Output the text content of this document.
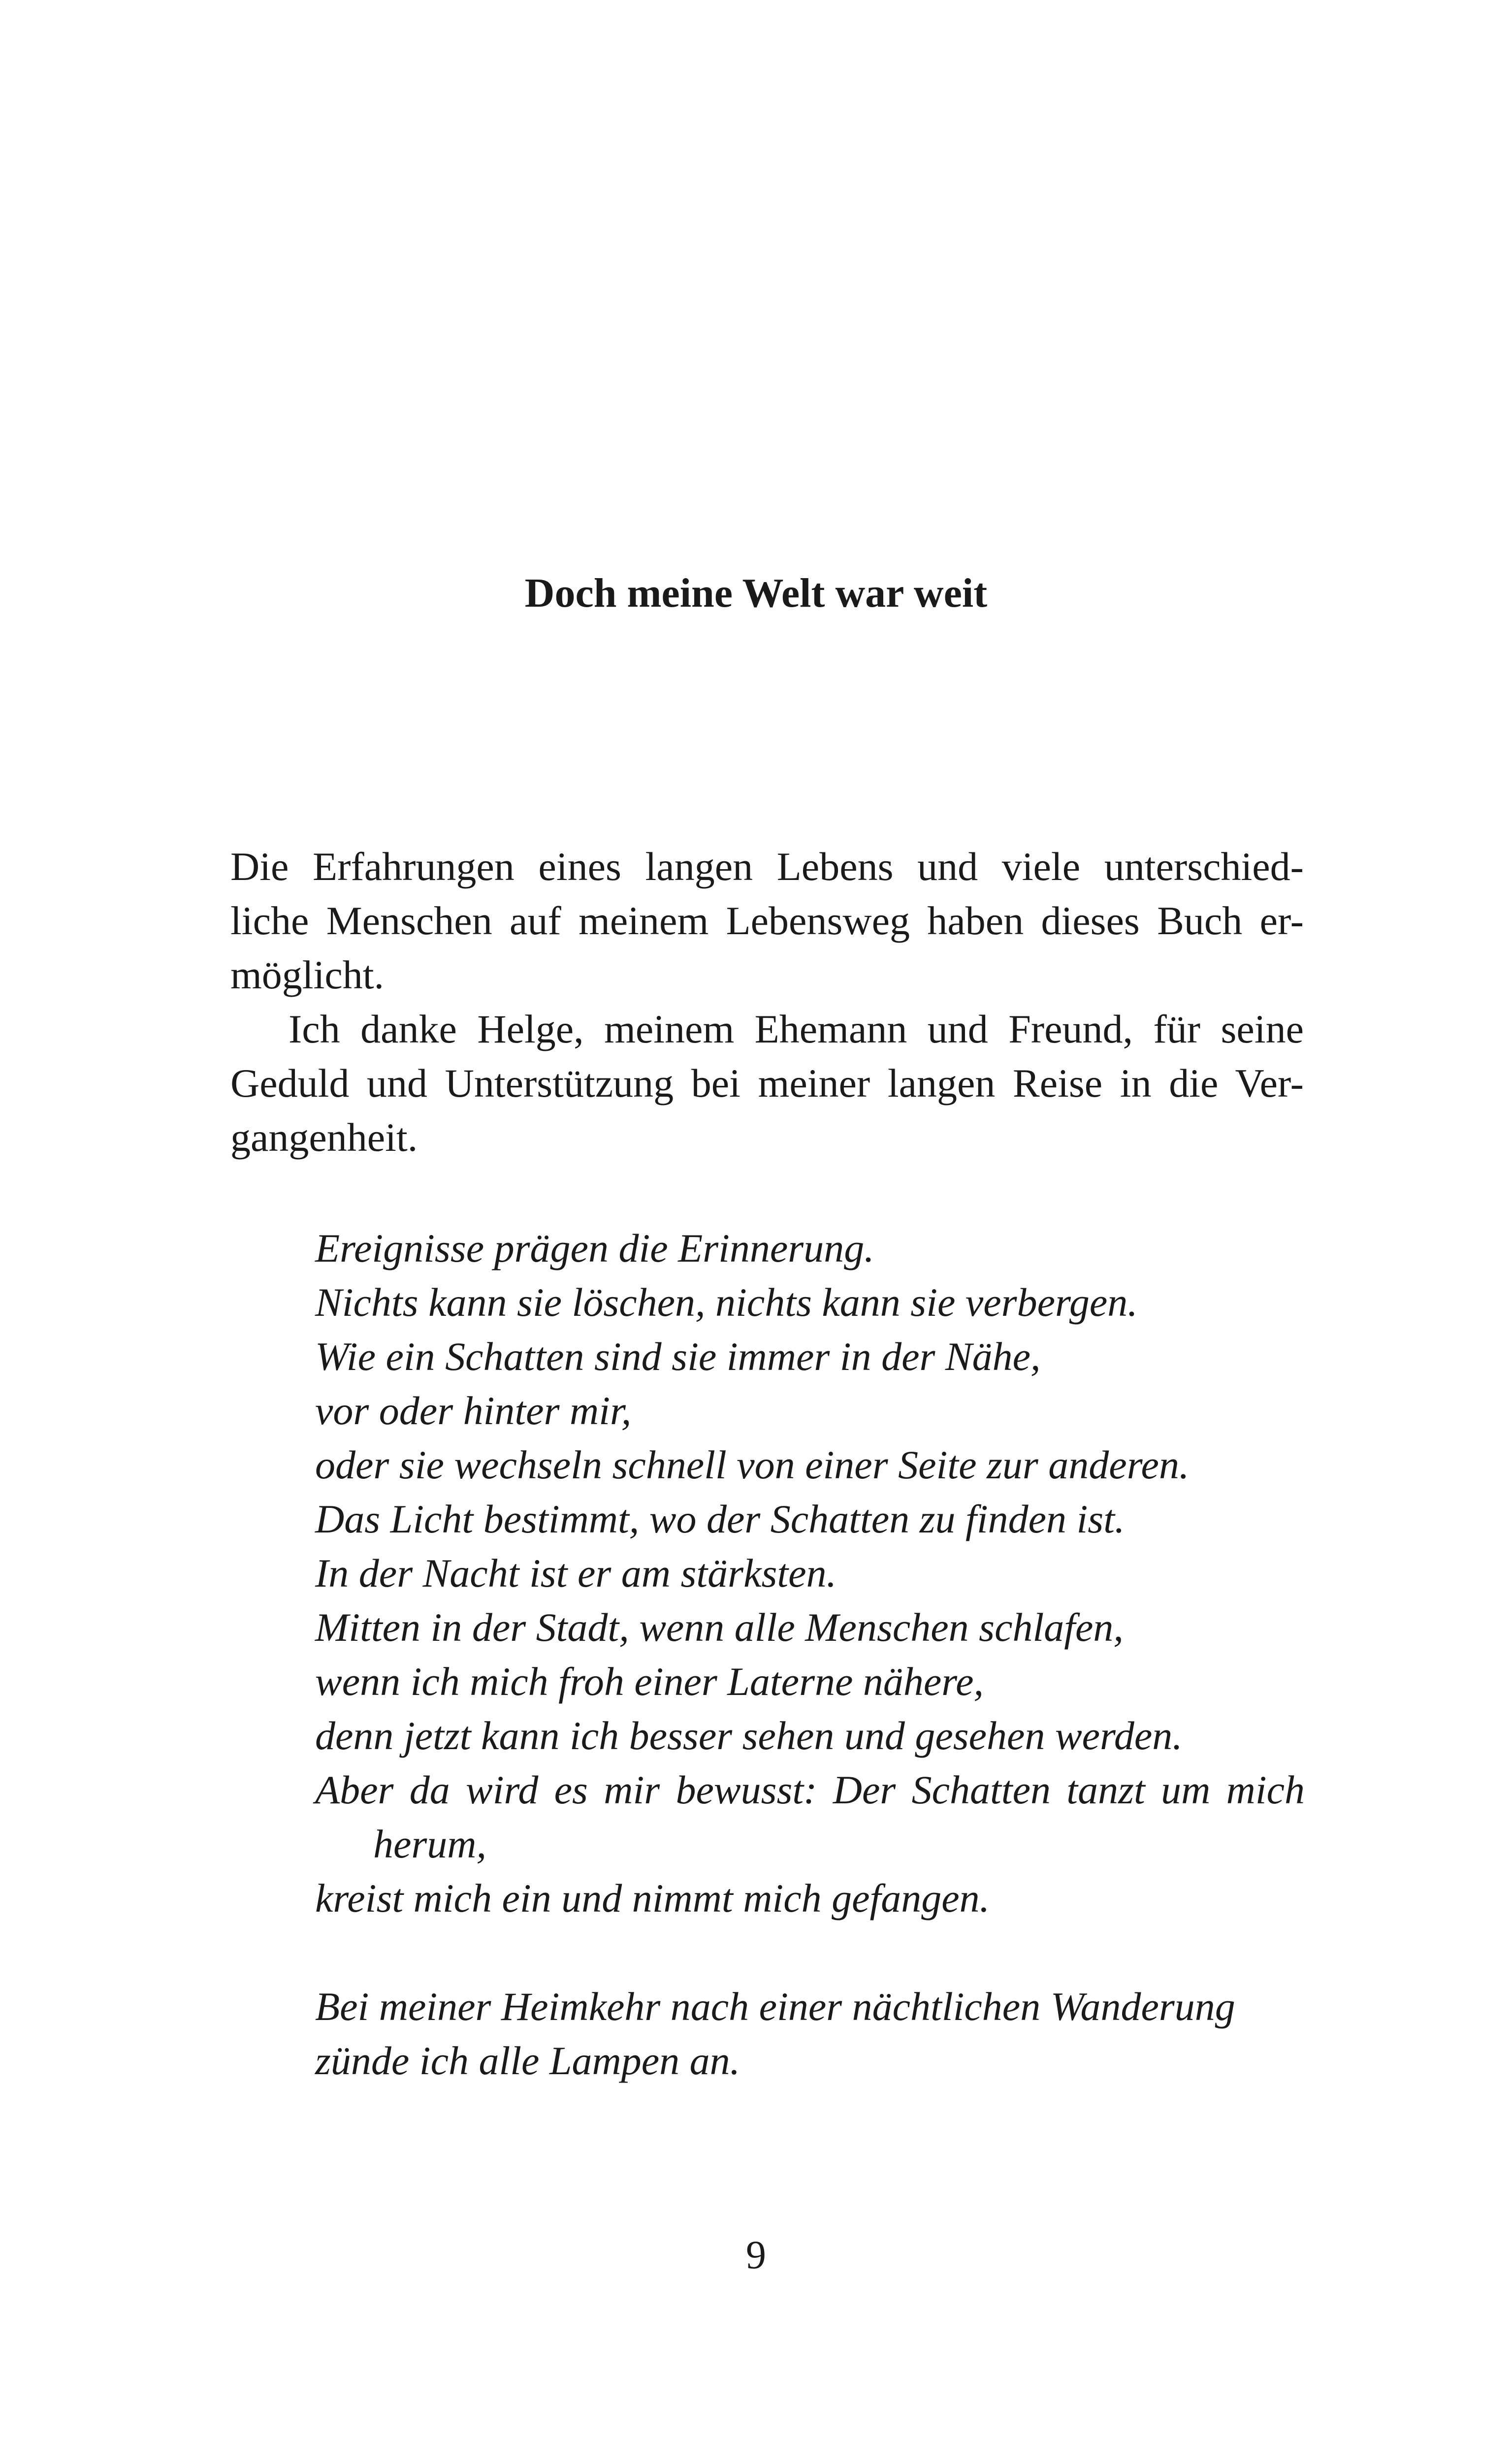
Doch meine Welt war weit

Die Erfahrungen eines langen Lebens und viele unterschied-
liche Menschen auf meinem Lebensweg haben dieses Buch er-
möglicht.

Ich danke Helge, meinem Ehemann und Freund, für seine
Geduld und Unterstützung bei meiner langen Reise in die Ver-
gangenheit.

Ereignisse prägen die Erinnerung.
Nichts kann sie löschen, nichts kann sie verbergen.
Wie ein Schatten sind sie immer in der Nähe,
vor oder hinter mir,
oder sie wechseln schnell von einer Seite zur anderen.
Das Licht bestimmt, wo der Schatten zu finden ist.
In der Nacht ist er am stärksten.
Mitten in der Stadt, wenn alle Menschen schlafen,
wenn ich mich froh einer Laterne nähere,
denn jetzt kann ich besser sehen und gesehen werden.
Aber da wird es mir bewusst: Der Schatten tanzt um mich
herum,
kreist mich ein und nimmt mich gefangen.
Bei meiner Heimkehr nach einer nächtlichen Wanderung
zünde ich alle Lampen an.
9
